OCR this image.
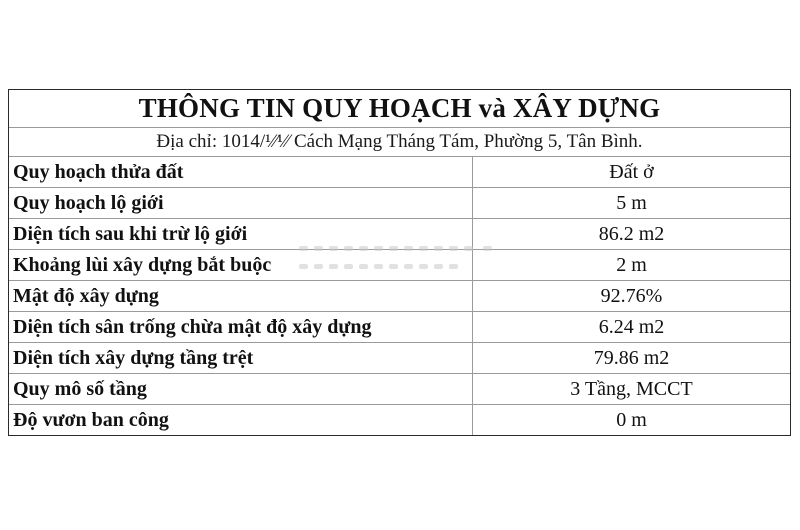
THÔNG TIN QUY HOẠCH và XÂY DỰNG
Địa chỉ: 1014/¹⁄⁄¹⁄⁄ Cách Mạng Tháng Tám, Phường 5, Tân Bình.
Quy hoạch thửa đất	Đất ở
Quy hoạch lộ giới	5 m
Diện tích sau khi trừ lộ giới	86.2 m2
Khoảng lùi xây dựng bắt buộc	2 m
Mật độ xây dựng	92.76%
Diện tích sân trống chừa mật độ xây dựng	6.24 m2
Diện tích xây dựng tầng trệt	79.86 m2
Quy mô số tầng	3 Tầng, MCCT
Độ vươn ban công	0 m
